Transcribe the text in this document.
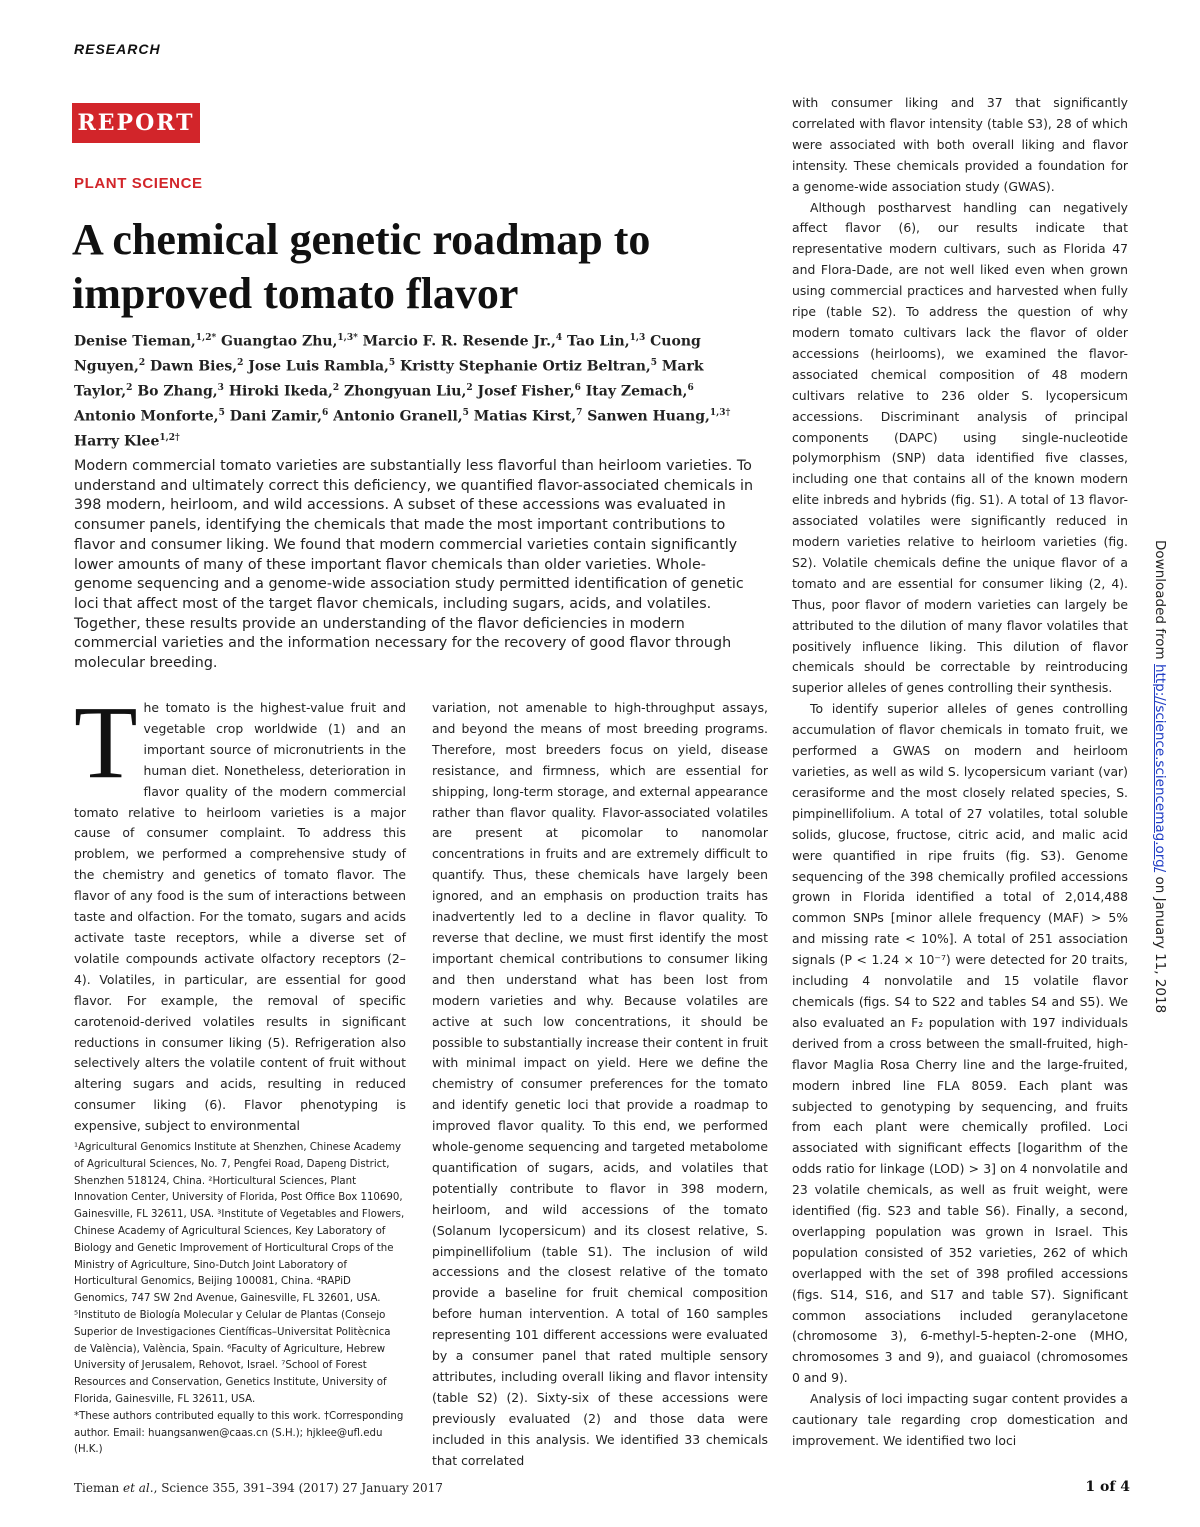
RESEARCH
REPORT
PLANT SCIENCE
A chemical genetic roadmap to improved tomato flavor
Denise Tieman,$^{1,2*}$ Guangtao Zhu,$^{1,3*}$ Marcio F. R. Resende Jr.,$^4$ Tao Lin,$^{1,3}$ Cuong Nguyen,$^2$ Dawn Bies,$^2$ Jose Luis Rambla,$^5$ Kristty Stephanie Ortiz Beltran,$^5$ Mark Taylor,$^2$ Bo Zhang,$^3$ Hiroki Ikeda,$^2$ Zhongyuan Liu,$^2$ Josef Fisher,$^6$ Itay Zemach,$^6$ Antonio Monforte,$^5$ Dani Zamir,$^6$ Antonio Granell,$^5$ Matias Kirst,$^7$ Sanwen Huang,$^{1,3\dagger}$ Harry Klee$^{1,2\dagger}$

Modern commercial tomato varieties are substantially less flavorful than heirloom varieties. To understand and ultimately correct this deficiency, we quantified flavor-associated chemicals in 398 modern, heirloom, and wild accessions. A subset of these accessions was evaluated in consumer panels, identifying the chemicals that made the most important contributions to flavor and consumer liking. We found that modern commercial varieties contain significantly lower amounts of many of these important flavor chemicals than older varieties. Whole-genome sequencing and a genome-wide association study permitted identification of genetic loci that affect most of the target flavor chemicals, including sugars, acids, and volatiles. Together, these results provide an understanding of the flavor deficiencies in modern commercial varieties and the information necessary for the recovery of good flavor through molecular breeding.

The tomato is the highest-value fruit and vegetable crop worldwide (1) and an important source of micronutrients in the human diet. Nonetheless, deterioration in flavor quality of the modern commercial tomato relative to heirloom varieties is a major cause of consumer complaint. To address this problem, we performed a comprehensive study of the chemistry and genetics of tomato flavor. The flavor of any food is the sum of interactions between taste and olfaction. For the tomato, sugars and acids activate taste receptors, while a diverse set of volatile compounds activate olfactory receptors (2–4). Volatiles, in particular, are essential for good flavor. For example, the removal of specific carotenoid-derived volatiles results in significant reductions in consumer liking (5). Refrigeration also selectively alters the volatile content of fruit without altering sugars and acids, resulting in reduced consumer liking (6). Flavor phenotyping is expensive, subject to environmental

¹Agricultural Genomics Institute at Shenzhen, Chinese Academy of Agricultural Sciences, No. 7, Pengfei Road, Dapeng District, Shenzhen 518124, China. ²Horticultural Sciences, Plant Innovation Center, University of Florida, Post Office Box 110690, Gainesville, FL 32611, USA. ³Institute of Vegetables and Flowers, Chinese Academy of Agricultural Sciences, Key Laboratory of Biology and Genetic Improvement of Horticultural Crops of the Ministry of Agriculture, Sino-Dutch Joint Laboratory of Horticultural Genomics, Beijing 100081, China. ⁴RAPiD Genomics, 747 SW 2nd Avenue, Gainesville, FL 32601, USA. ⁵Instituto de Biología Molecular y Celular de Plantas (Consejo Superior de Investigaciones Científicas–Universitat Politècnica de València), València, Spain. ⁶Faculty of Agriculture, Hebrew University of Jerusalem, Rehovot, Israel. ⁷School of Forest Resources and Conservation, Genetics Institute, University of Florida, Gainesville, FL 32611, USA.

*These authors contributed equally to this work. †Corresponding author. Email: huangsanwen@caas.cn (S.H.); hjklee@ufl.edu (H.K.)

variation, not amenable to high-throughput assays, and beyond the means of most breeding programs. Therefore, most breeders focus on yield, disease resistance, and firmness, which are essential for shipping, long-term storage, and external appearance rather than flavor quality. Flavor-associated volatiles are present at picomolar to nanomolar concentrations in fruits and are extremely difficult to quantify. Thus, these chemicals have largely been ignored, and an emphasis on production traits has inadvertently led to a decline in flavor quality. To reverse that decline, we must first identify the most important chemical contributions to consumer liking and then understand what has been lost from modern varieties and why. Because volatiles are active at such low concentrations, it should be possible to substantially increase their content in fruit with minimal impact on yield. Here we define the chemistry of consumer preferences for the tomato and identify genetic loci that provide a roadmap to improved flavor quality. To this end, we performed whole-genome sequencing and targeted metabolome quantification of sugars, acids, and volatiles that potentially contribute to flavor in 398 modern, heirloom, and wild accessions of the tomato (Solanum lycopersicum) and its closest relative, S. pimpinellifolium (table S1). The inclusion of wild accessions and the closest relative of the tomato provide a baseline for fruit chemical composition before human intervention. A total of 160 samples representing 101 different accessions were evaluated by a consumer panel that rated multiple sensory attributes, including overall liking and flavor intensity (table S2) (2). Sixty-six of these accessions were previously evaluated (2) and those data were included in this analysis. We identified 33 chemicals that correlated

with consumer liking and 37 that significantly correlated with flavor intensity (table S3), 28 of which were associated with both overall liking and flavor intensity. These chemicals provided a foundation for a genome-wide association study (GWAS).

Although postharvest handling can negatively affect flavor (6), our results indicate that representative modern cultivars, such as Florida 47 and Flora-Dade, are not well liked even when grown using commercial practices and harvested when fully ripe (table S2). To address the question of why modern tomato cultivars lack the flavor of older accessions (heirlooms), we examined the flavor-associated chemical composition of 48 modern cultivars relative to 236 older S. lycopersicum accessions. Discriminant analysis of principal components (DAPC) using single-nucleotide polymorphism (SNP) data identified five classes, including one that contains all of the known modern elite inbreds and hybrids (fig. S1). A total of 13 flavor-associated volatiles were significantly reduced in modern varieties relative to heirloom varieties (fig. S2). Volatile chemicals define the unique flavor of a tomato and are essential for consumer liking (2, 4). Thus, poor flavor of modern varieties can largely be attributed to the dilution of many flavor volatiles that positively influence liking. This dilution of flavor chemicals should be correctable by reintroducing superior alleles of genes controlling their synthesis.

To identify superior alleles of genes controlling accumulation of flavor chemicals in tomato fruit, we performed a GWAS on modern and heirloom varieties, as well as wild S. lycopersicum variant (var) cerasiforme and the most closely related species, S. pimpinellifolium. A total of 27 volatiles, total soluble solids, glucose, fructose, citric acid, and malic acid were quantified in ripe fruits (fig. S3). Genome sequencing of the 398 chemically profiled accessions grown in Florida identified a total of 2,014,488 common SNPs [minor allele frequency (MAF) > 5% and missing rate < 10%]. A total of 251 association signals (P < 1.24 × 10⁻⁷) were detected for 20 traits, including 4 nonvolatile and 15 volatile flavor chemicals (figs. S4 to S22 and tables S4 and S5). We also evaluated an F₂ population with 197 individuals derived from a cross between the small-fruited, high-flavor Maglia Rosa Cherry line and the large-fruited, modern inbred line FLA 8059. Each plant was subjected to genotyping by sequencing, and fruits from each plant were chemically profiled. Loci associated with significant effects [logarithm of the odds ratio for linkage (LOD) > 3] on 4 nonvolatile and 23 volatile chemicals, as well as fruit weight, were identified (fig. S23 and table S6). Finally, a second, overlapping population was grown in Israel. This population consisted of 352 varieties, 262 of which overlapped with the set of 398 profiled accessions (figs. S14, S16, and S17 and table S7). Significant common associations included geranylacetone (chromosome 3), 6-methyl-5-hepten-2-one (MHO, chromosomes 3 and 9), and guaiacol (chromosomes 0 and 9).

Analysis of loci impacting sugar content provides a cautionary tale regarding crop domestication and improvement. We identified two loci

Tieman et al., Science 355, 391–394 (2017) 27 January 2017	1 of 4
Downloaded from http://science.sciencemag.org/ on January 11, 2018
